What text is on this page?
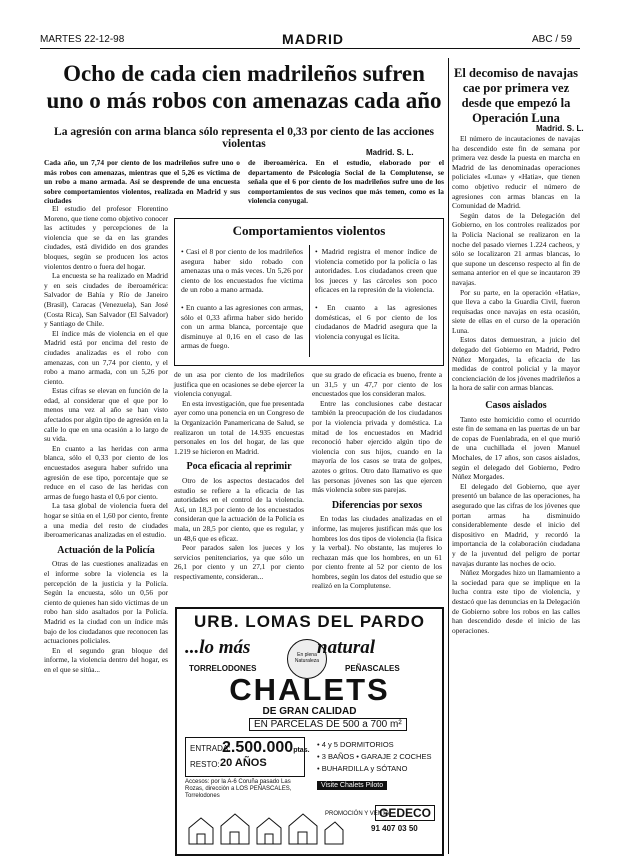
MARTES 22-12-98	MADRID	ABC / 59
Ocho de cada cien madrileños sufren uno o más robos con amenazas cada año
La agresión con arma blanca sólo representa el 0,33 por ciento de las acciones violentas
Madrid. S. L.
Cada año, un 7,74 por ciento de los madrileños sufre uno o más robos con amenazas, mientras que el 5,26 es víctima de un robo a mano armada. Así se desprende de una encuesta sobre comportamientos violentos, realizada en Madrid y sus ciudades
de iberoamérica. En el estudio, elaborado por el departamento de Psicología Social de la Complutense, se señala que el 6 por ciento de los madrileños sufre uno de los comportamientos de sus vecinos que más temen, como es la violencia conyugal.

El estudio del profesor Florentino Moreno, que tiene como objetivo conocer las actitudes y percepciones de la violencia que se da en las grandes ciudades, está dividido en dos grandes bloques, según se producen los actos violentos dentro o fuera del hogar.

La encuesta se ha realizado en Madrid y en seis ciudades de iberoamérica: Salvador de Bahía y Río de Janeiro (Brasil), Caracas (Venezuela), San José (Costa Rica), San Salvador (El Salvador) y Santiago de Chile.

El índice más de violencia en el que Madrid está por encima del resto de ciudades analizadas es el robo con amenazas, con un 7,74 por ciento, y el robo a mano armada, con un 5,26 por ciento.

Estas cifras se elevan en función de la edad, al considerar que el que por lo menos una vez al año se han visto afectados por algún tipo de agresión en la calle lo que en una ocasión a lo largo de su vida.

En cuanto a las heridas con arma blanca, sólo el 0,33 por ciento de los encuestados asegura haber sufrido una agresión de ese tipo, porcentaje que se reduce en el caso de las heridas con armas de fuego hasta el 0,6 por ciento.

La tasa global de violencia fuera del hogar se sitúa en el 1,60 por ciento, frente a una media del resto de ciudades iberoamericanas analizadas en el estudio.

Actuación de la Policía

Otras de las cuestiones analizadas en el informe sobre la violencia es la percepción de la justicia y la Policía. Según la encuesta, sólo un 0,56 por ciento de quienes han sido víctimas de un robo han sido asaltados por la Policía. Madrid es la ciudad con un índice más bajo de los ciudadanos que reconocen las actuaciones policiales.

En el segundo gran bloque del informe, la violencia dentro del hogar, es en el que se sitúa...

Comportamientos violentos
• Casi el 8 por ciento de los madrileños asegura haber sido robado con amenazas una o más veces. Un 5,26 por ciento de los encuestados fue víctima de un robo a mano armada.
• En cuanto a las agresiones con armas, sólo el 0,33 afirma haber sido herido con un arma blanca, porcentaje que disminuye al 0,16 en el caso de las armas de fuego.
• Madrid registra el menor índice de violencia cometido por la policía o las autoridades. Los ciudadanos creen que los jueces y las cárceles son poco eficaces en la represión de la violencia.
• En cuanto a las agresiones domésticas, el 6 por ciento de los ciudadanos de Madrid asegura que la violencia conyugal es lícita.

de un asa por ciento de los madrileños justifica que en ocasiones se debe ejercer la violencia conyugal.

En esta investigación, que fue presentada ayer como una ponencia en un Congreso de la Organización Panamericana de Salud, se realizaron un total de 14.935 encuestas personales en los del hogar, de las que 1.219 se hicieron en Madrid.

Poca eficacia al reprimir

Otro de los aspectos destacados del estudio se refiere a la eficacia de las autoridades en el control de la violencia. Así, un 18,3 por ciento de los encuestados consideran que la actuación de la Policía es mala, un 28,5 por ciento, que es regular, y un 48,6 que es eficaz.

Peor parados salen los jueces y los servicios penitenciarios, ya que sólo un 26,1 por ciento y un 27,1 por ciento respectivamente, consideran...

que su grado de eficacia es bueno, frente a un 31,5 y un 47,7 por ciento de los encuestados que los consideran malos.

Entre las conclusiones cabe destacar también la preocupación de los ciudadanos por la violencia privada y doméstica. La mitad de los encuestados en Madrid reconoció haber ejercido algún tipo de violencia con sus hijos, cuando en la mayoría de los casos se trata de golpes, azotes o gritos. Otro dato llamativo es que las personas jóvenes son las que ejercen más violencia sobre sus parejas.

Diferencias por sexos

En todas las ciudades analizadas en el informe, las mujeres justifican más que los hombres los dos tipos de violencia (la física y la verbal). No obstante, las mujeres lo rechazan más que los hombres, en un 61 por ciento frente al 52 por ciento de los hombres, según los datos del estudio que se realizó en la Complutense.

URB. LOMAS DEL PARDO
...lo más	En plena Naturaleza
natural
TORRELODONES	PEÑASCALES
CHALETS
DE GRAN CALIDAD
EN PARCELAS DE 500 a 700 m²
ENTRADA:
2.500.000ptas.
RESTO: 20 AÑOS
• 4 y 5 DORMITORIOS
• 3 BAÑOS • GARAJE 2 COCHES
• BUHARDILLA y SÓTANO
Accesos: por la A-6 Coruña pasado Las Rozas, dirección a LOS PEÑASCALES, Torrelodones
Visite Chalets Piloto
PROMOCIÓN Y VENTA:
GEDECO
91 407 03 50
El decomiso de navajas cae por primera vez desde que empezó la Operación Luna
Madrid. S. L.

El número de incautaciones de navajas ha descendido este fin de semana por primera vez desde la puesta en marcha en Madrid de las denominadas operaciones policiales «Luna» y «Hatia», que tienen como objetivo reducir el número de agresiones con armas blancas en la Comunidad de Madrid.

Según datos de la Delegación del Gobierno, en los controles realizados por la Policía Nacional se realizaron en la noche del pasado viernes 1.224 cacheos, y sólo se localizaron 21 armas blancas, lo que supone un descenso respecto al fin de semana anterior en el que se incautaron 39 navajas.

Por su parte, en la operación «Hatia», que lleva a cabo la Guardia Civil, fueron requisadas once navajas en esta ocasión, siete de ellas en el curso de la operación Luna.

Estos datos demuestran, a juicio del delegado del Gobierno en Madrid, Pedro Núñez Morgades, la eficacia de las medidas de control policial y la mayor concienciación de los jóvenes madrileños a la hora de salir con armas blancas.

Casos aislados

Tanto este homicidio como el ocurrido este fin de semana en las puertas de un bar de copas de Fuenlabrada, en el que murió de una cuchillada el joven Manuel Mochales, de 17 años, son casos aislados, según el delegado del Gobierno, Pedro Núñez Morgades.

El delegado del Gobierno, que ayer presentó un balance de las operaciones, ha asegurado que las cifras de los jóvenes que portan armas ha disminuido considerablemente desde el inicio del dispositivo en Madrid, y recordó la importancia de la colaboración ciudadana y de la juventud del peligro de portar navajas durante las noches de ocio.

Núñez Morgades hizo un llamamiento a la sociedad para que se implique en la lucha contra este tipo de violencia, y destacó que las denuncias en la Delegación de Gobierno sobre los robos en las calles han descendido desde el inicio de las operaciones.
